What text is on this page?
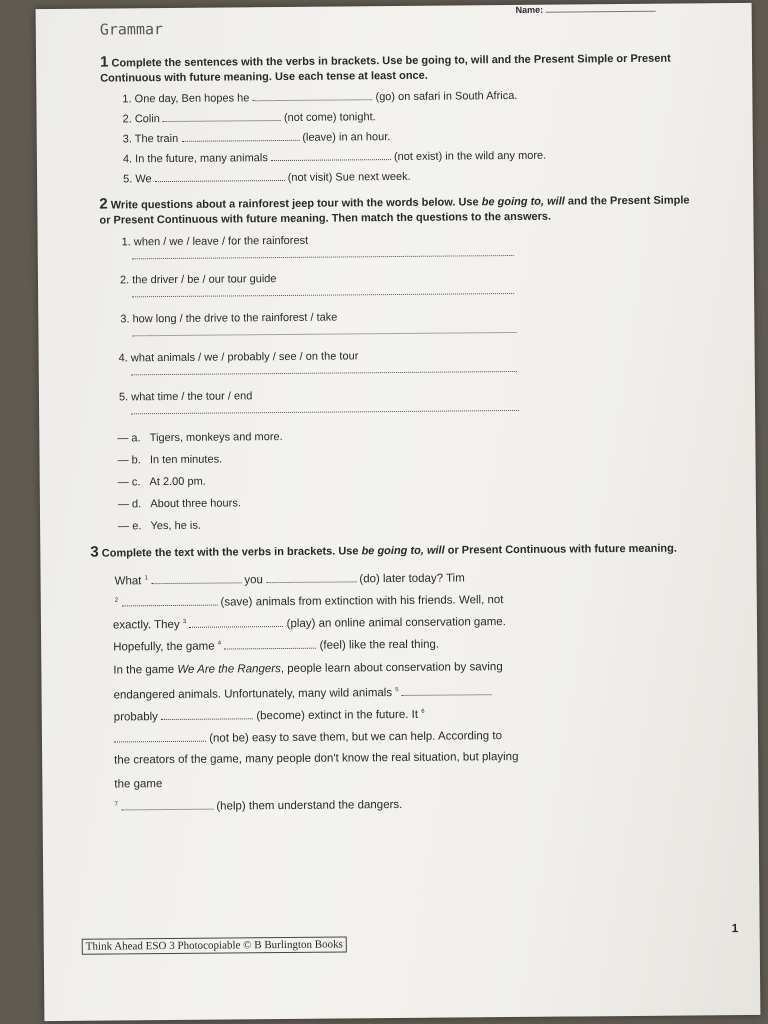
Name:
Grammar
1 Complete the sentences with the verbs in brackets. Use be going to, will and the Present Simple or Present Continuous with future meaning. Use each tense at least once.
1. One day, Ben hopes he	(go) on safari in South Africa.
2. Colin	(not come) tonight.
3. The train	(leave) in an hour.
4. In the future, many animals	(not exist) in the wild any more.
5. We	(not visit) Sue next week.
2 Write questions about a rainforest jeep tour with the words below. Use be going to, will and the Present Simple or Present Continuous with future meaning. Then match the questions to the answers.
1. when / we / leave / for the rainforest
2. the driver / be / our tour guide
3. how long / the drive to the rainforest / take
4. what animals / we / probably / see / on the tour
5. what time / the tour / end
— a. Tigers, monkeys and more.
— b. In ten minutes.
— c. At 2.00 pm.
— d. About three hours.
— e. Yes, he is.
3 Complete the text with the verbs in brackets. Use be going to, will or Present Continuous with future meaning.
What $^1$	you	(do) later today? Tim
$^2$	(save) animals from extinction with his friends. Well, not
exactly. They $^3$	(play) an online animal conservation game.
Hopefully, the game $^4$	(feel) like the real thing.
In the game We Are the Rangers, people learn about conservation by saving
endangered animals. Unfortunately, many wild animals $^5$
probably	(become) extinct in the future. It $^6$
(not be) easy to save them, but we can help. According to
the creators of the game, many people don't know the real situation, but playing
the game
$^7$	(help) them understand the dangers.
Think Ahead ESO 3 Photocopiable © B Burlington Books
1
